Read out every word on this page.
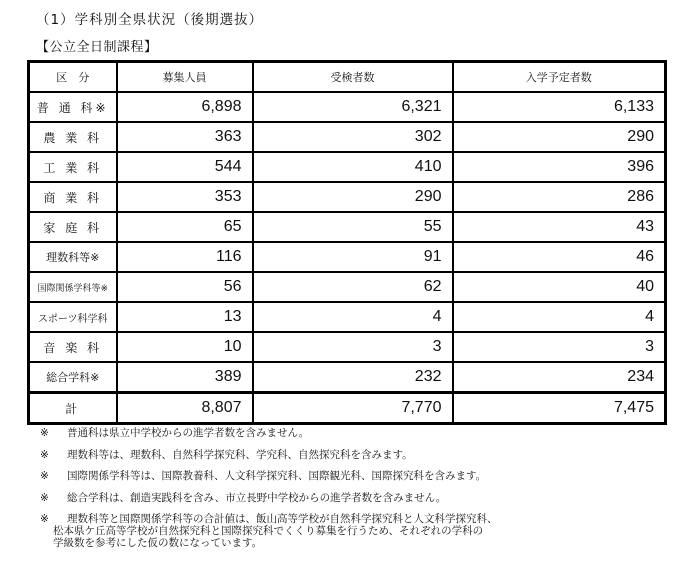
（1）学科別全県状況（後期選抜）
【公立全日制課程】
区　分	募集人員	受検者数	入学予定者数
普 通 科※	6,898	6,321	6,133
農 業 科	363	302	290
工 業 科	544	410	396
商 業 科	353	290	286
家 庭 科	65	55	43
理数科等※	116	91	46
国際関係学科等※	56	62	40
スポーツ科学科	13	4	4
音 楽 科	10	3	3
総合学科※	389	232	234
計	8,807	7,770	7,475
※ 普通科は県立中学校からの進学者数を含みません。
※ 理数科等は、理数科、自然科学探究科、学究科、自然探究科を含みます。
※ 国際関係学科等は、国際教養科、人文科学探究科、国際観光科、国際探究科を含みます。
※ 総合学科は、創造実践科を含み、市立長野中学校からの進学者数を含みません。
※ 理数科等と国際関係学科等の合計値は、飯山高等学校が自然科学探究科と人文科学探究科、
松本県ケ丘高等学校が自然探究科と国際探究科でくくり募集を行うため、それぞれの学科の
学級数を参考にした仮の数になっています。
